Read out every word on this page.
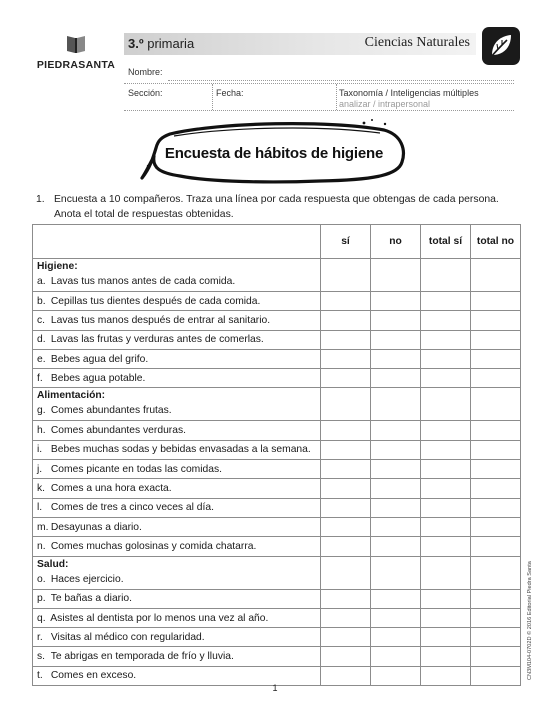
PIEDRASANTA
3.º primaria	Ciencias Naturales
Nombre:
Sección:	Fecha:	Taxonomía / Inteligencias múltiples
analizar / intrapersonal
Encuesta de hábitos de higiene
1. Encuesta a 10 compañeros. Traza una línea por cada respuesta que obtengas de cada persona. Anota el total de respuestas obtenidas.
	sí	no	total sí	total no

Higiene:
a. Lavas tus manos antes de cada comida.				

b. Cepillas tus dientes después de cada comida.				
c. Lavas tus manos después de entrar al sanitario.				
d. Lavas las frutas y verduras antes de comerlas.				
e. Bebes agua del grifo.				
f. Bebes agua potable.				

Alimentación:
g. Comes abundantes frutas.				

h. Comes abundantes verduras.				
i. Bebes muchas sodas y bebidas envasadas a la semana.				
j. Comes picante en todas las comidas.				
k. Comes a una hora exacta.				
l. Comes de tres a cinco veces al día.				
m. Desayunas a diario.				
n. Comes muchas golosinas y comida chatarra.				

Salud:
o. Haces ejercicio.				

p. Te bañas a diario.				
q. Asistes al dentista por lo menos una vez al año.				
r. Visitas al médico con regularidad.				
s. Te abrigas en temporada de frío y lluvia.				
t. Comes en exceso.				
1
CN3M104-0702D © 2016 Editorial Piedra Santa
